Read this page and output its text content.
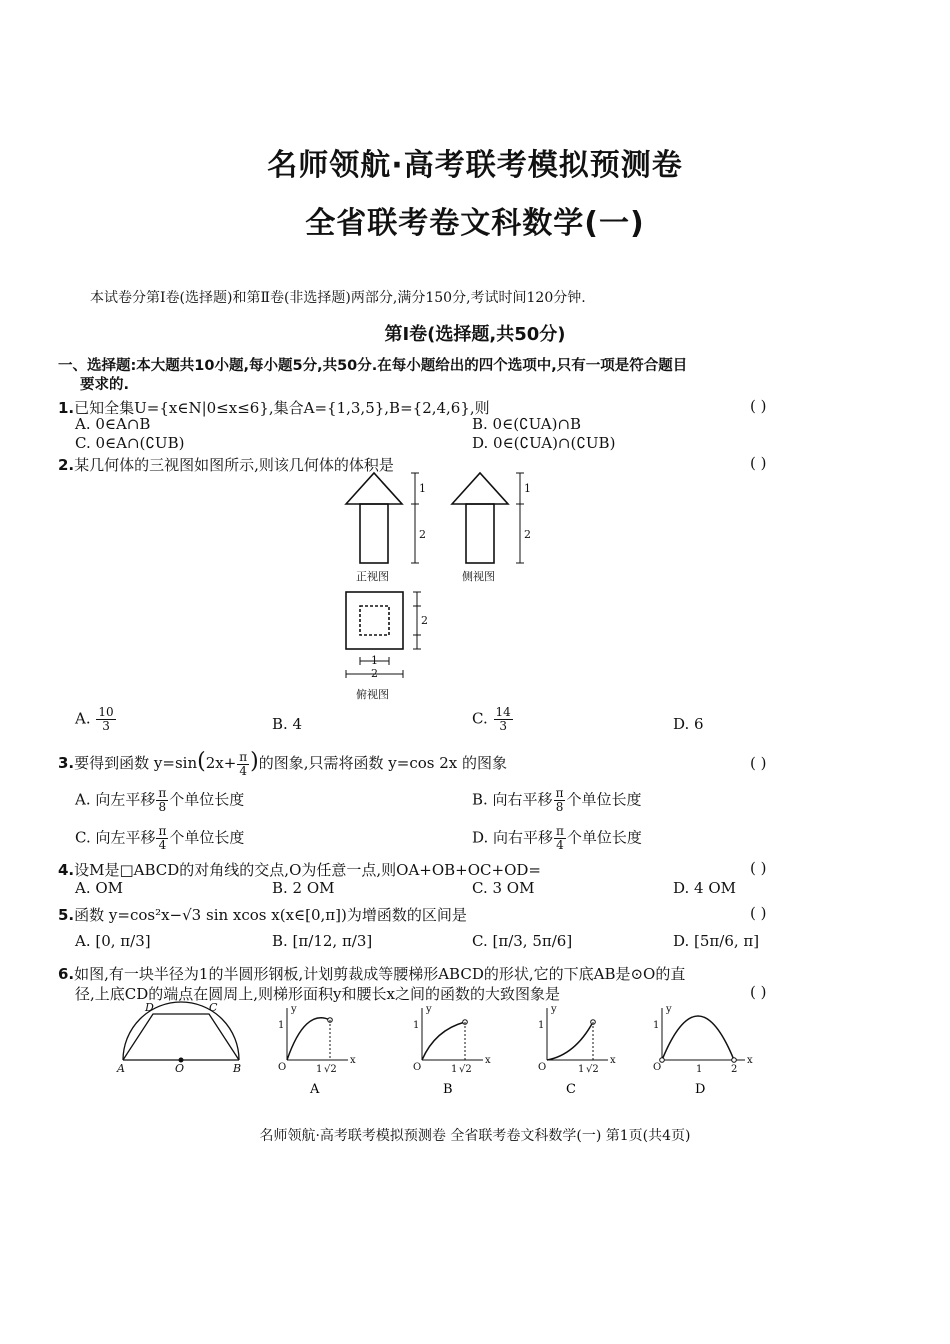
名师领航·高考联考模拟预测卷
全省联考卷文科数学(一)
本试卷分第Ⅰ卷(选择题)和第Ⅱ卷(非选择题)两部分,满分150分,考试时间120分钟.
第Ⅰ卷(选择题,共50分)
一、选择题:本大题共10小题,每小题5分,共50分.在每小题给出的四个选项中,只有一项是符合题目
要求的.
1.已知全集U={x∈N|0≤x≤6},集合A={1,3,5},B={2,4,6},则	( )
A. 0∈A∩B	B. 0∈(∁UA)∩B
C. 0∈A∩(∁UB)	D. 0∈(∁UA)∩(∁UB)
2.某几何体的三视图如图所示,则该几何体的体积是	( )
1
2
1
2
2
1
2
正视图	侧视图
俯视图
A. $\frac{10}{3}$	B. 4	C. $\frac{14}{3}$	D. 6
3.要得到函数 $y=\sin(2x+ \frac{\pi}{4}$ )的图象,只需将函数 y=cos 2x 的图象	( )
A. 向左平移 $\frac{\pi}{8}$ 个单位长度	B. 向右平移 $\frac{\pi}{8}$ 个单位长度
C. 向左平移 $\frac{\pi}{4}$ 个单位长度	D. 向右平移 $\frac{\pi}{4}$ 个单位长度
4.设M是□ABCD的对角线的交点,O为任意一点,则OA+OB+OC+OD=	( )
A. OM	B. 2 OM	C. 3 OM	D. 4 OM
5.函数 y=cos²x−√3 sin xcos x(x∈[0,π])为增函数的区间是	( )
A. [0, π/3]	B. [π/12, π/3]	C. [π/3, 5π/6]	D. [5π/6, π]
6.如图,有一块半径为1的半圆形钢板,计划剪裁成等腰梯形ABCD的形状,它的下底AB是⊙O的直
径,上底CD的端点在圆周上,则梯形面积y和腰长x之间的函数的大致图象是	( )
A	B
C
D
O	O
y
x
1
1 √2
A
O
y
x
1
1 √2
B
O
y
x
1
1 √2
C
O
y
x
1
1	2
D
名师领航·高考联考模拟预测卷 全省联考卷文科数学(一) 第1页(共4页)
